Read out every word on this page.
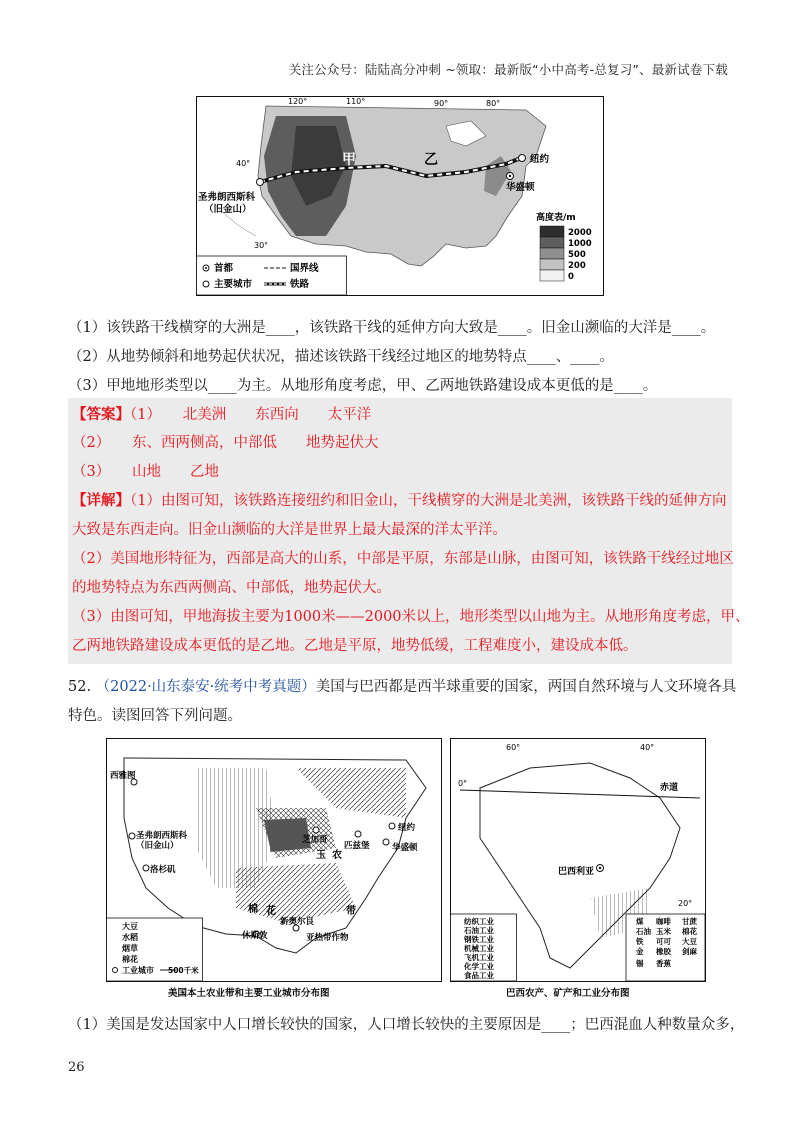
关注公众号：陆陆高分冲刺 ~领取：最新版“小中高考-总复习”、最新试卷下载
120°	110°	90°	80°
40°
30°
甲	乙	纽约
华盛顿
圣弗朗西斯科
（旧金山）
首都
主要城市
国界线
铁路
高度表/m
2000
1000
500
200
0
（1）该铁路干线横穿的大洲是____，该铁路干线的延伸方向大致是____。旧金山濒临的大洋是____。
（2）从地势倾斜和地势起伏状况，描述该铁路干线经过地区的地势特点____、____。
（3）甲地地形类型以____为主。从地形角度考虑，甲、乙两地铁路建设成本更低的是____。
【答案】（1）　　北美洲　　东西向　　太平洋
（2）　　东、西两侧高，中部低　　地势起伏大
（3）　　山地　　乙地
【详解】（1）由图可知，该铁路连接纽约和旧金山，干线横穿的大洲是北美洲，该铁路干线的延伸方向
大致是东西走向。旧金山濒临的大洋是世界上最大最深的洋太平洋。
（2）美国地形特征为，西部是高大的山系，中部是平原，东部是山脉，由图可知，该铁路干线经过地区
的地势特点为东西两侧高、中部低，地势起伏大。
（3）由图可知，甲地海拔主要为1000米——2000米以上，地形类型以山地为主。从地形角度考虑，甲、
乙两地铁路建设成本更低的是乙地。乙地是平原，地势低缓，工程难度小，建设成本低。
52. （2022·山东泰安·统考中考真题）美国与巴西都是西半球重要的国家，两国自然环境与人文环境各具
特色。读图回答下列问题。
西雅图
圣弗朗西斯科
（旧金山）
洛杉矶
芝加哥
匹兹堡
纽约
华盛顿
休斯敦
新奥尔良
玉 农
棉 花	带
亚热带作物
大豆
水稻
烟草
棉花
工业城市 500千米
美国本土农业带和主要工业城市分布图
赤道
0°
60°	40°
20°
巴西利亚
纺织工业
石油工业
钢铁工业
机械工业
飞机工业
化学工业
食品工业
煤
石油
铁
金
咖啡
玉米
可可
橡胶
甘蔗
棉花
大豆
剑麻
香蕉
锡
巴西农产、矿产和工业分布图
（1）美国是发达国家中人口增长较快的国家，人口增长较快的主要原因是____；巴西混血人种数量众多，
26
